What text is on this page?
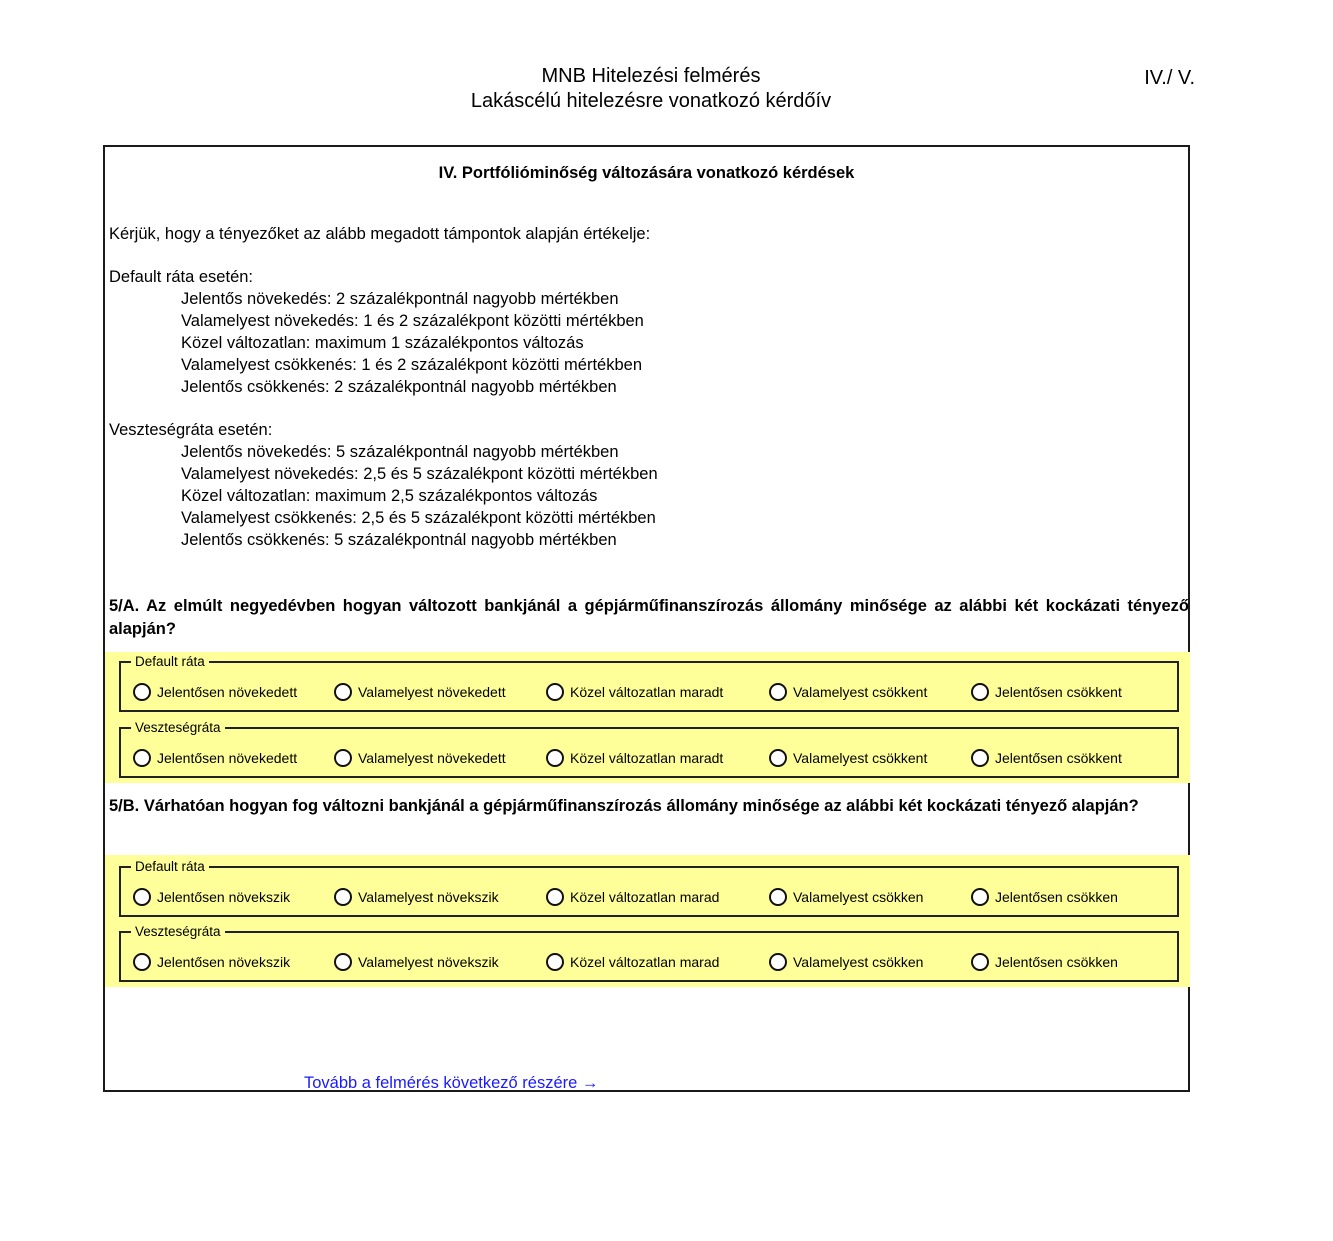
MNB Hitelezési felmérés
Lakáscélú hitelezésre vonatkozó kérdőív
IV./ V.
IV. Portfólióminőség változására vonatkozó kérdések
Kérjük, hogy a tényezőket az alább megadott támpontok alapján értékelje:
Default ráta esetén:
Jelentős növekedés: 2 százalékpontnál nagyobb mértékben
Valamelyest növekedés: 1 és 2 százalékpont közötti mértékben
Közel változatlan: maximum 1 százalékpontos változás
Valamelyest csökkenés: 1 és 2 százalékpont közötti mértékben
Jelentős csökkenés: 2 százalékpontnál nagyobb mértékben
Veszteségráta esetén:
Jelentős növekedés: 5 százalékpontnál nagyobb mértékben
Valamelyest növekedés: 2,5 és 5 százalékpont közötti mértékben
Közel változatlan: maximum 2,5 százalékpontos változás
Valamelyest csökkenés: 2,5 és 5 százalékpont közötti mértékben
Jelentős csökkenés: 5 százalékpontnál nagyobb mértékben
5/A. Az elmúlt negyedévben hogyan változott bankjánál a gépjárműfinanszírozás állomány minősége az alábbi két kockázati tényező alapján?
Default ráta
Jelentősen növekedett	Valamelyest növekedett	Közel változatlan maradt	Valamelyest csökkent	Jelentősen csökkent
Veszteségráta
Jelentősen növekedett	Valamelyest növekedett	Közel változatlan maradt	Valamelyest csökkent	Jelentősen csökkent
5/B. Várhatóan hogyan fog változni bankjánál a gépjárműfinanszírozás állomány minősége az alábbi két kockázati tényező alapján?
Default ráta
Jelentősen növekszik	Valamelyest növekszik	Közel változatlan marad	Valamelyest csökken	Jelentősen csökken
Veszteségráta
Jelentősen növekszik	Valamelyest növekszik	Közel változatlan marad	Valamelyest csökken	Jelentősen csökken
Tovább a felmérés következő részére →
